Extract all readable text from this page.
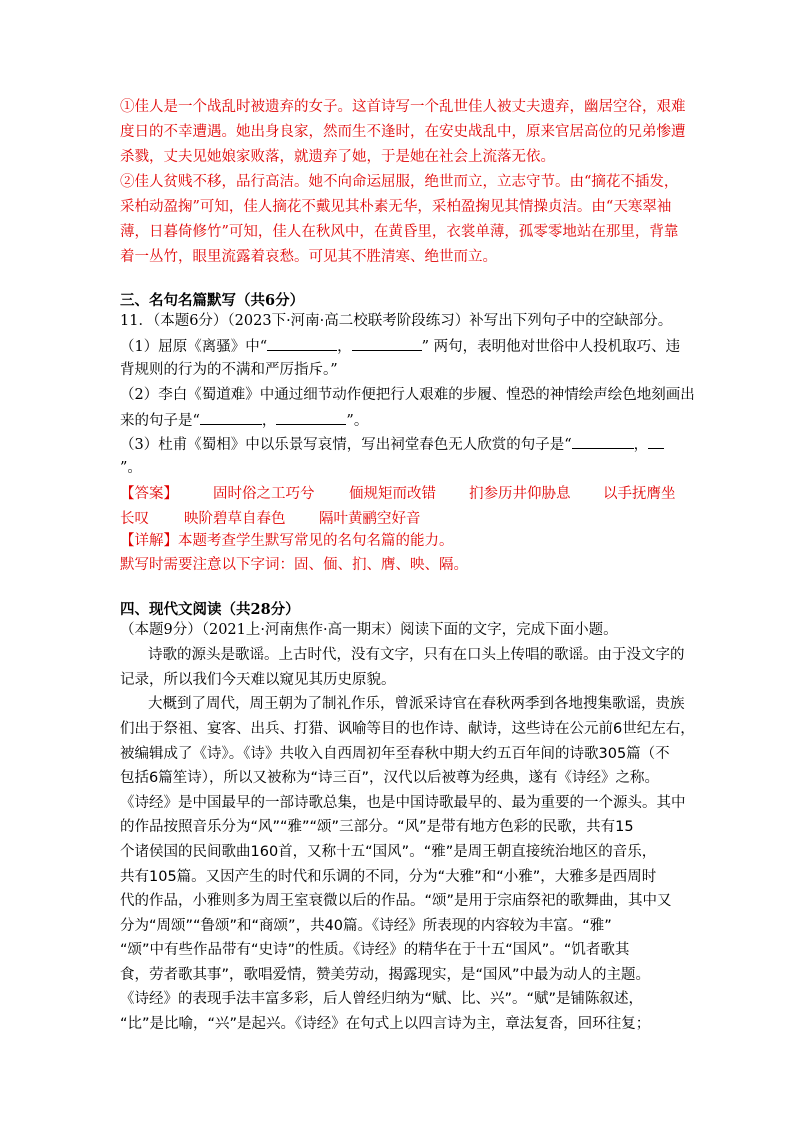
①佳人是一个战乱时被遗弃的女子。这首诗写一个乱世佳人被丈夫遗弃，幽居空谷，艰难
度日的不幸遭遇。她出身良家，然而生不逢时，在安史战乱中，原来官居高位的兄弟惨遭
杀戮，丈夫见她娘家败落，就遗弃了她，于是她在社会上流落无依。
②佳人贫贱不移，品行高洁。她不向命运屈服，绝世而立，立志守节。由“摘花不插发，
采柏动盈掬”可知，佳人摘花不戴见其朴素无华，采柏盈掬见其情操贞洁。由“天寒翠袖
薄，日暮倚修竹”可知，佳人在秋风中，在黄昏里，衣裳单薄，孤零零地站在那里，背靠
着一丛竹，眼里流露着哀愁。可见其不胜清寒、绝世而立。
三、名句名篇默写（共6分）
11．（本题6分）（2023下·河南·高二校联考阶段练习）补写出下列句子中的空缺部分。
（1）屈原《离骚》中“	，	” 两句，表明他对世俗中人投机取巧、违
背规则的行为的不满和严厉指斥。”
（2）李白《蜀道难》中通过细节动作便把行人艰难的步履、惶恐的神情绘声绘色地刻画出
来的句子是“	，	”。
（3）杜甫《蜀相》中以乐景写哀情，写出祠堂春色无人欣赏的句子是“	，
”。
【答案】 固时俗之工巧兮 偭规矩而改错 扪参历井仰胁息 以手抚膺坐
长叹 映阶碧草自春色 隔叶黄鹂空好音
【详解】本题考查学生默写常见的名句名篇的能力。
默写时需要注意以下字词：固、偭、扪、膺、映、隔。
四、现代文阅读（共28分）
（本题9分）（2021上·河南焦作·高一期末）阅读下面的文字，完成下面小题。
诗歌的源头是歌谣。上古时代，没有文字，只有在口头上传唱的歌谣。由于没文字的
记录，所以我们今天难以窥见其历史原貌。
大概到了周代，周王朝为了制礼作乐，曾派采诗官在春秋两季到各地搜集歌谣，贵族
们出于祭祖、宴客、出兵、打猎、讽喻等目的也作诗、献诗，这些诗在公元前6世纪左右，
被编辑成了《诗》。《诗》共收入自西周初年至春秋中期大约五百年间的诗歌305篇（不
包括6篇笙诗），所以又被称为“诗三百”，汉代以后被尊为经典，遂有《诗经》之称。
《诗经》是中国最早的一部诗歌总集，也是中国诗歌最早的、最为重要的一个源头。其中
的作品按照音乐分为“风”“雅”“颂”三部分。“风”是带有地方色彩的民歌，共有15
个诸侯国的民间歌曲160首，又称十五“国风”。“雅”是周王朝直接统治地区的音乐，
共有105篇。又因产生的时代和乐调的不同，分为“大雅”和“小雅”，大雅多是西周时
代的作品，小雅则多为周王室衰微以后的作品。“颂”是用于宗庙祭祀的歌舞曲，其中又
分为“周颂”“鲁颂”和“商颂”，共40篇。《诗经》所表现的内容较为丰富。“雅”
“颂”中有些作品带有“史诗”的性质。《诗经》的精华在于十五“国风”。“饥者歌其
食，劳者歌其事”，歌唱爱情，赞美劳动，揭露现实，是“国风”中最为动人的主题。
《诗经》的表现手法丰富多彩，后人曾经归纳为“赋、比、兴”。“赋”是铺陈叙述，
“比”是比喻，“兴”是起兴。《诗经》在句式上以四言诗为主，章法复沓，回环往复；
